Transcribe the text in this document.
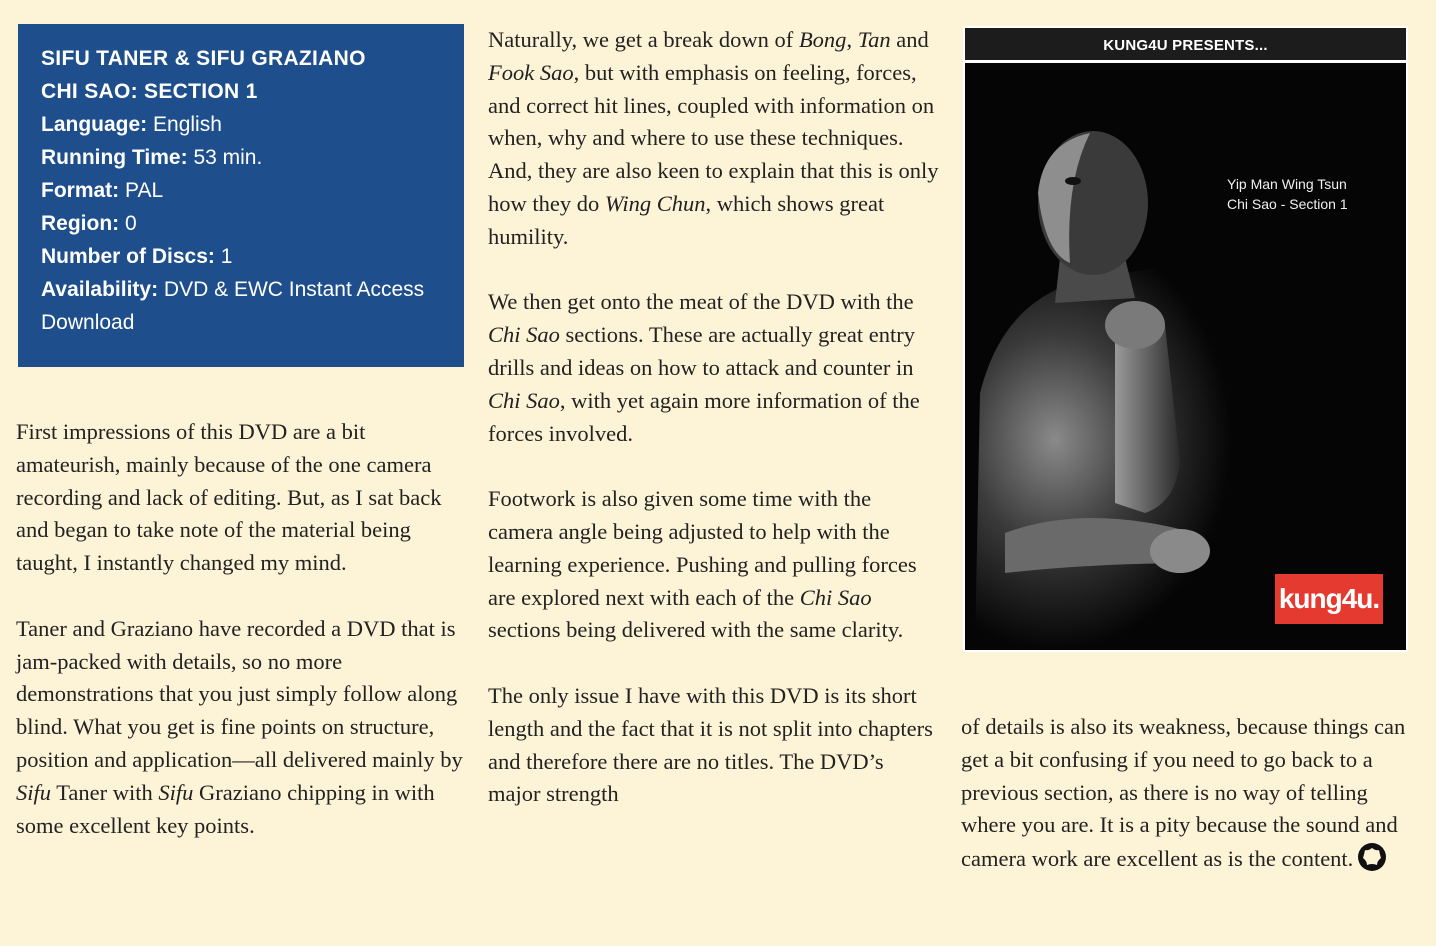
SIFU TANER & SIFU GRAZIANO
CHI SAO: SECTION 1
Language: English
Running Time: 53 min.
Format: PAL
Region: 0
Number of Discs: 1
Availability: DVD & EWC Instant Access Download

First impressions of this DVD are a bit amateurish, mainly because of the one camera recording and lack of editing. But, as I sat back and began to take note of the material being taught, I instantly changed my mind.

Taner and Graziano have recorded a DVD that is jam-packed with details, so no more demonstrations that you just simply follow along blind. What you get is fine points on structure, position and application—all delivered mainly by Sifu Taner with Sifu Graziano chipping in with some excellent key points.

Naturally, we get a break down of Bong, Tan and Fook Sao, but with emphasis on feeling, forces, and correct hit lines, coupled with information on when, why and where to use these techniques. And, they are also keen to explain that this is only how they do Wing Chun, which shows great humility.

We then get onto the meat of the DVD with the Chi Sao sections. These are actually great entry drills and ideas on how to attack and counter in Chi Sao, with yet again more information of the forces involved.

Footwork is also given some time with the camera angle being adjusted to help with the learning experience. Pushing and pulling forces are explored next with each of the Chi Sao sections being delivered with the same clarity.

The only issue I have with this DVD is its short length and the fact that it is not split into chapters and therefore there are no titles. The DVD’s major strength

KUNG4U PRESENTS...
Yip Man Wing Tsun
Chi Sao - Section 1
kung4u.

of details is also its weakness, because things can get a bit confusing if you need to go back to a previous section, as there is no way of telling where you are. It is a pity because the sound and camera work are excellent as is the content.
